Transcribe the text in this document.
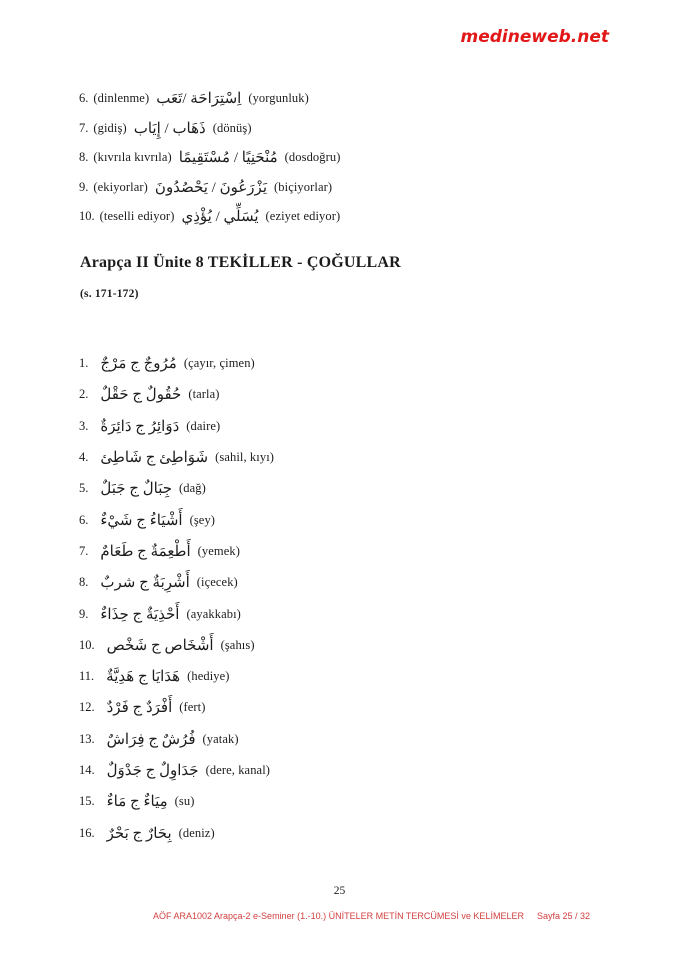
medineweb.net
6. (dinlenme) تَعَب‎/ اِسْتِرَاحَة (yorgunluk)
7. (gidiş) إِيَاب‎ / ذَهَاب (dönüş)
8. (kıvrıla kıvrıla) مُسْتَقِيمًا‎ / مُنْحَنِيًا (dosdoğru)
9. (ekiyorlar) يَحْصُدُونَ‎ / يَزْرَعُونَ (biçiyorlar)
10. (teselli ediyor) يُؤْذِي‎ / يُسَلِّي (eziyet ediyor)
Arapça II Ünite 8 TEKİLLER - ÇOĞULLAR
(s. 171-172)
1. مَرْجٌ‎ ج‎ مُرُوجٌ (çayır, çimen)
2. حَقْلٌ‎ ج‎ حُقُولٌ (tarla)
3. دَائِرَةٌ‎ ج‎ دَوَائِرُ (daire)
4. شَاطِئ‎ ج‎ شَوَاطِئ (sahil, kıyı)
5. جَبَلٌ‎ ج‎ جِبَالٌ (dağ)
6. شَيْءٌ‎ ج‎ أَشْيَاءُ (şey)
7. طَعَامٌ‎ ج‎ أَطْعِمَةٌ (yemek)
8. شربٌ‎ ج‎ أَشْرِبَةٌ (içecek)
9. حِذَاءٌ‎ ج‎ أَحْذِيَةٌ (ayakkabı)
10. شَخْص‎ ج‎ أَشْخَاص (şahıs)
11. هَدِيَّةٌ‎ ج‎ هَدَايَا (hediye)
12. فَرْدٌ‎ ج‎ أَفْرَدٌ (fert)
13. فِرَاشٌ‎ ج‎ فُرُشٌ (yatak)
14. جَدْوَلٌ‎ ج‎ جَدَاوِلٌ (dere, kanal)
15. مَاءٌ‎ ج‎ مِيَاءٌ (su)
16. بَحْرٌ‎ ج‎ بِحَارٌ (deniz)
25
AÖF ARA1002 Arapça-2 e-Seminer (1.-10.) ÜNİTELER METİN TERCÜMESİ ve KELİMELER Sayfa 25 / 32
